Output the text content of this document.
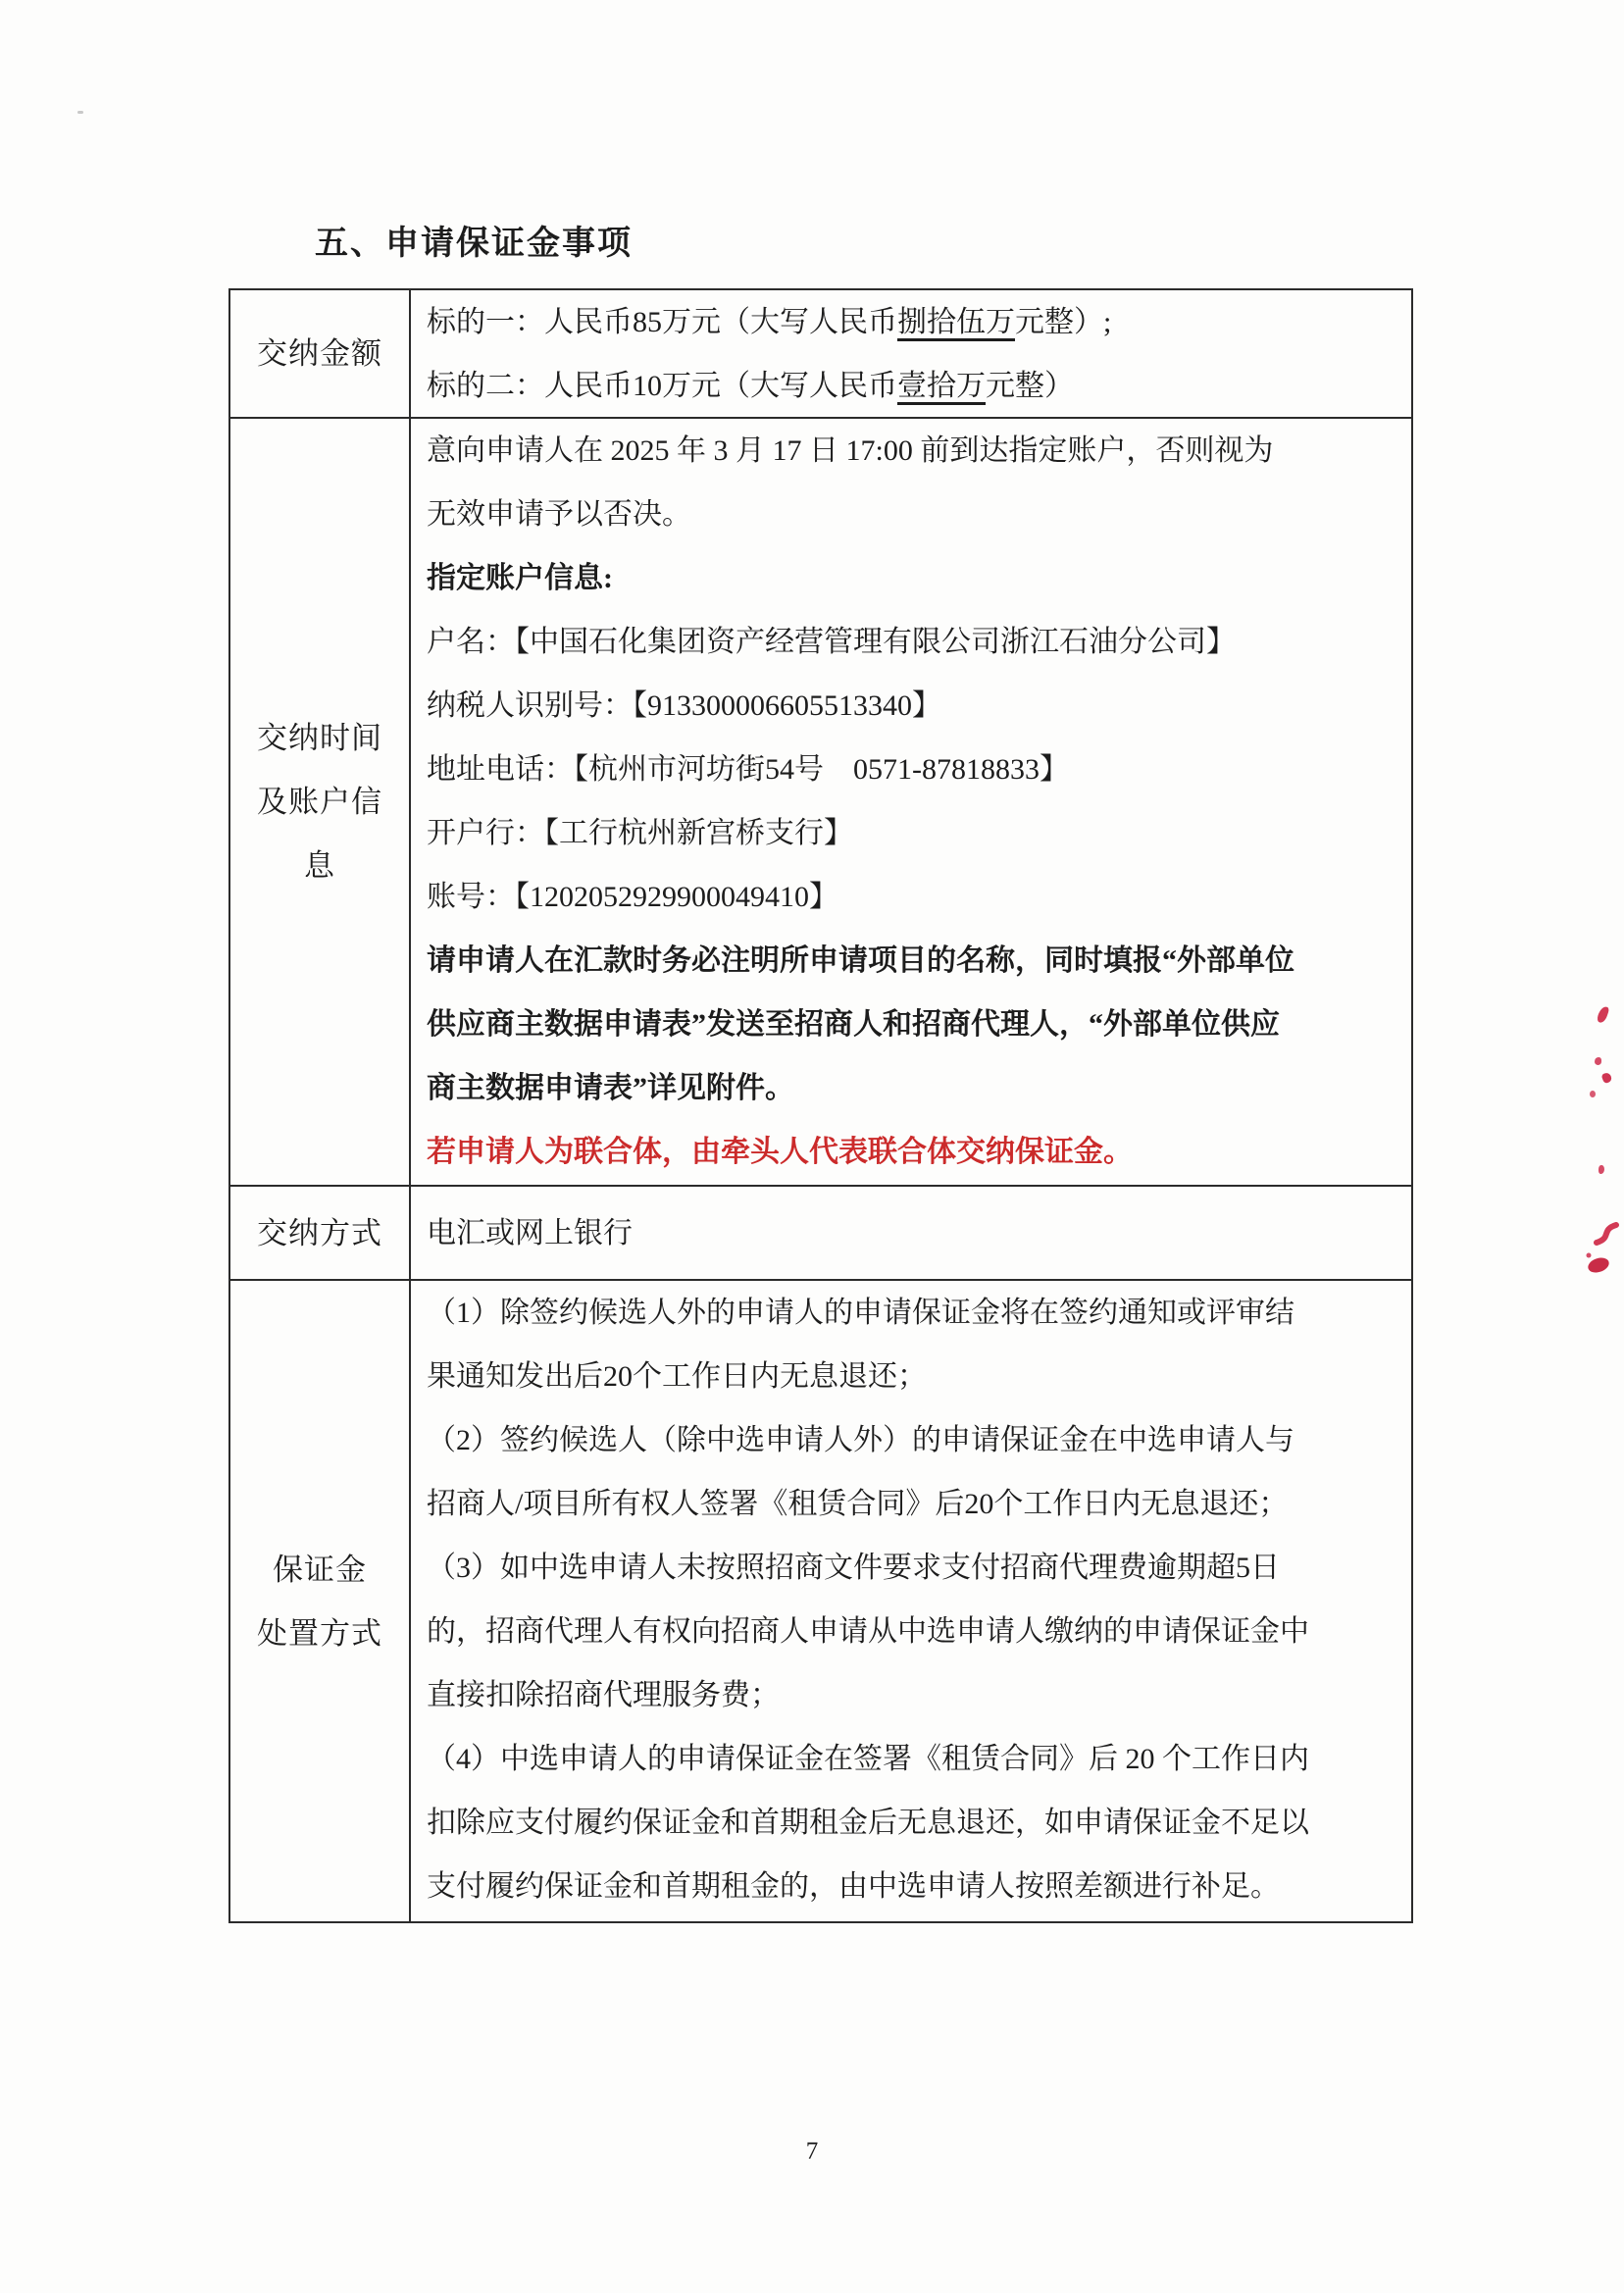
五、申请保证金事项
交纳金额
标的一：人民币85万元（大写人民币捌拾伍万元整）;
标的二：人民币10万元（大写人民币壹拾万元整）
交纳时间
及账户信
息
意向申请人在 2025 年 3 月 17 日 17:00 前到达指定账户，否则视为
无效申请予以否决。
指定账户信息:
户名：【中国石化集团资产经营管理有限公司浙江石油分公司】
纳税人识别号：【913300006605513340】
地址电话：【杭州市河坊街54号　0571-87818833】
开户行：【工行杭州新宫桥支行】
账号：【1202052929900049410】
请申请人在汇款时务必注明所申请项目的名称，同时填报“外部单位
供应商主数据申请表”发送至招商人和招商代理人，“外部单位供应
商主数据申请表”详见附件。
若申请人为联合体，由牵头人代表联合体交纳保证金。
交纳方式 电汇或网上银行
保证金
处置方式
（1）除签约候选人外的申请人的申请保证金将在签约通知或评审结
果通知发出后20个工作日内无息退还；
（2）签约候选人（除中选申请人外）的申请保证金在中选申请人与
招商人/项目所有权人签署《租赁合同》后20个工作日内无息退还；
（3）如中选申请人未按照招商文件要求支付招商代理费逾期超5日
的，招商代理人有权向招商人申请从中选申请人缴纳的申请保证金中
直接扣除招商代理服务费；
（4）中选申请人的申请保证金在签署《租赁合同》后 20 个工作日内
扣除应支付履约保证金和首期租金后无息退还，如申请保证金不足以
支付履约保证金和首期租金的，由中选申请人按照差额进行补足。
7
